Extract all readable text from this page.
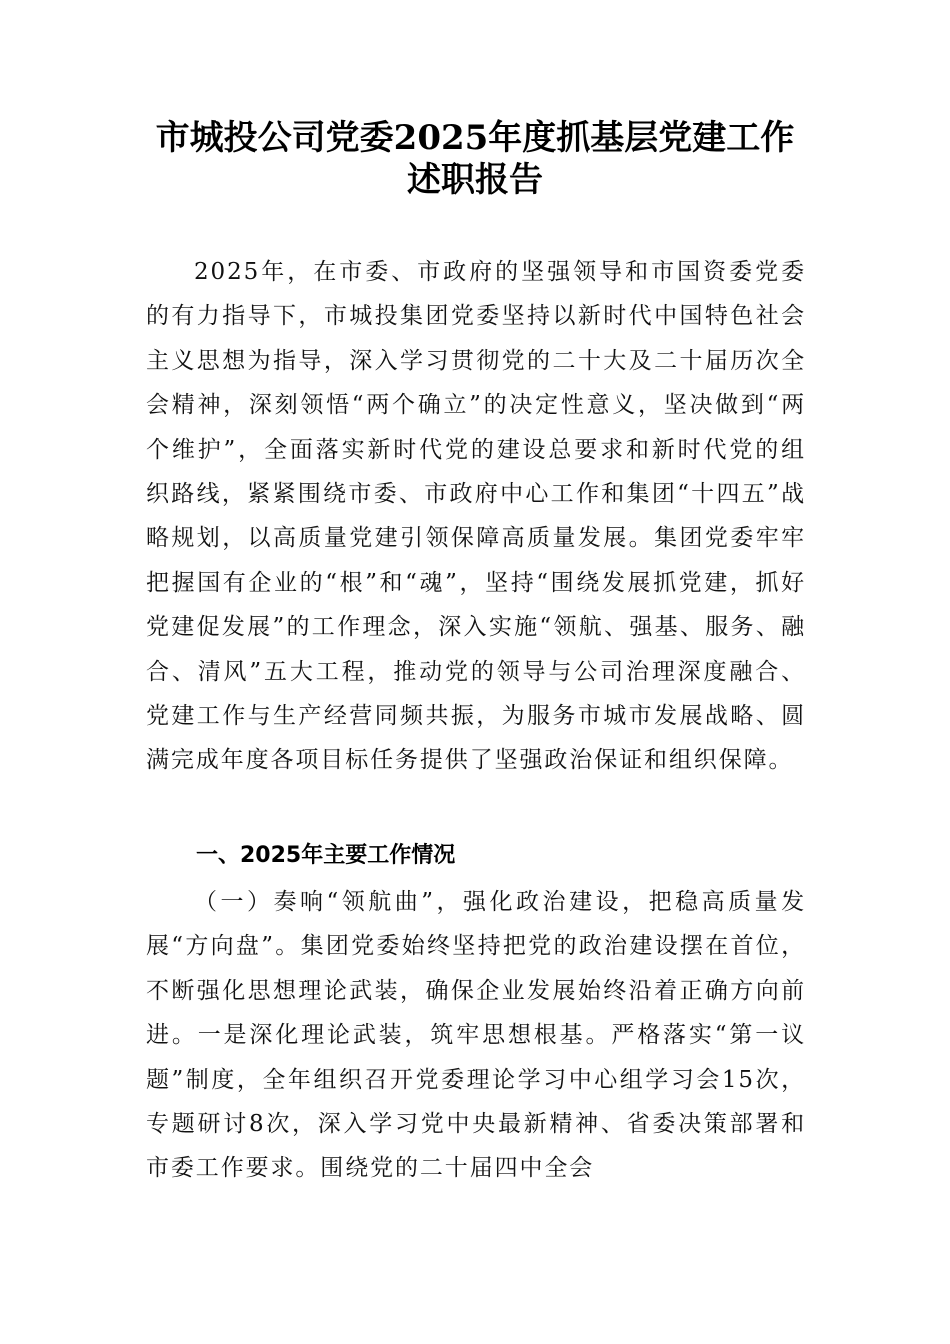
市城投公司党委2025年度抓基层党建工作
述职报告

2025年，在市委、市政府的坚强领导和市国资委党委的有力指导下，市城投集团党委坚持以新时代中国特色社会主义思想为指导，深入学习贯彻党的二十大及二十届历次全会精神，深刻领悟“两个确立”的决定性意义，坚决做到“两个维护”，全面落实新时代党的建设总要求和新时代党的组织路线，紧紧围绕市委、市政府中心工作和集团“十四五”战略规划，以高质量党建引领保障高质量发展。集团党委牢牢把握国有企业的“根”和“魂”，坚持“围绕发展抓党建，抓好党建促发展”的工作理念，深入实施“领航、强基、服务、融合、清风”五大工程，推动党的领导与公司治理深度融合、党建工作与生产经营同频共振，为服务市城市发展战略、圆满完成年度各项目标任务提供了坚强政治保证和组织保障。

一、2025年主要工作情况

（一）奏响“领航曲”，强化政治建设，把稳高质量发展“方向盘”。集团党委始终坚持把党的政治建设摆在首位，不断强化思想理论武装，确保企业发展始终沿着正确方向前进。一是深化理论武装，筑牢思想根基。严格落实“第一议题”制度，全年组织召开党委理论学习中心组学习会15次，专题研讨8次，深入学习党中央最新精神、省委决策部署和市委工作要求。围绕党的二十届四中全会
